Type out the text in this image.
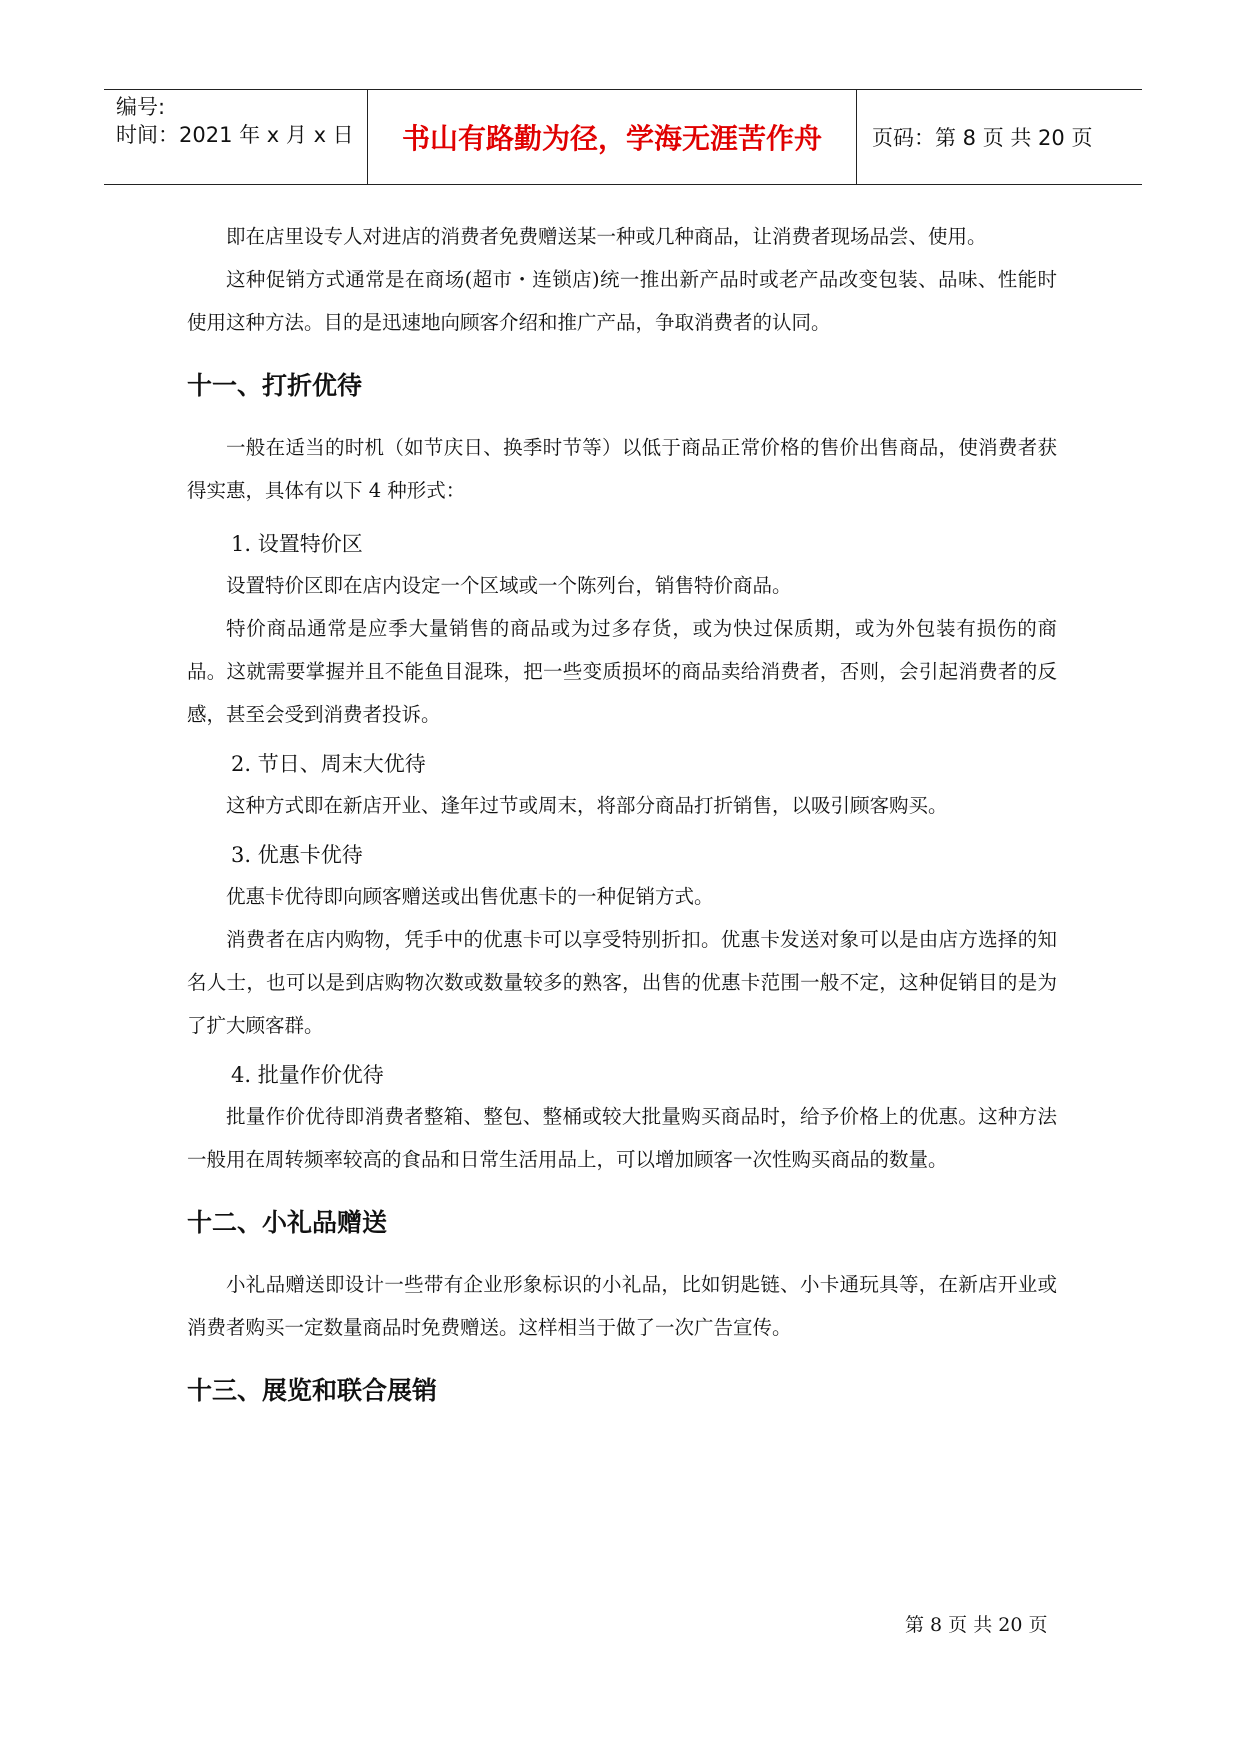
编号:
时间：2021 年 x 月 x 日	书山有路勤为径，学海无涯苦作舟	页码：第 8 页 共 20 页

即在店里设专人对进店的消费者免费赠送某一种或几种商品，让消费者现场品尝、使用。

这种促销方式通常是在商场(超市・连锁店)统一推出新产品时或老产品改变包装、品味、性能时使用这种方法。目的是迅速地向顾客介绍和推广产品，争取消费者的认同。

十一、打折优待

一般在适当的时机（如节庆日、换季时节等）以低于商品正常价格的售价出售商品，使消费者获得实惠，具体有以下 4 种形式：

1. 设置特价区

设置特价区即在店内设定一个区域或一个陈列台，销售特价商品。

特价商品通常是应季大量销售的商品或为过多存货，或为快过保质期，或为外包装有损伤的商品。这就需要掌握并且不能鱼目混珠，把一些变质损坏的商品卖给消费者，否则，会引起消费者的反感，甚至会受到消费者投诉。

2. 节日、周末大优待

这种方式即在新店开业、逢年过节或周末，将部分商品打折销售，以吸引顾客购买。

3. 优惠卡优待

优惠卡优待即向顾客赠送或出售优惠卡的一种促销方式。

消费者在店内购物，凭手中的优惠卡可以享受特别折扣。优惠卡发送对象可以是由店方选择的知名人士，也可以是到店购物次数或数量较多的熟客，出售的优惠卡范围一般不定，这种促销目的是为了扩大顾客群。

4. 批量作价优待

批量作价优待即消费者整箱、整包、整桶或较大批量购买商品时，给予价格上的优惠。这种方法一般用在周转频率较高的食品和日常生活用品上，可以增加顾客一次性购买商品的数量。

十二、小礼品赠送

小礼品赠送即设计一些带有企业形象标识的小礼品，比如钥匙链、小卡通玩具等，在新店开业或消费者购买一定数量商品时免费赠送。这样相当于做了一次广告宣传。

十三、展览和联合展销
第 8 页 共 20 页
